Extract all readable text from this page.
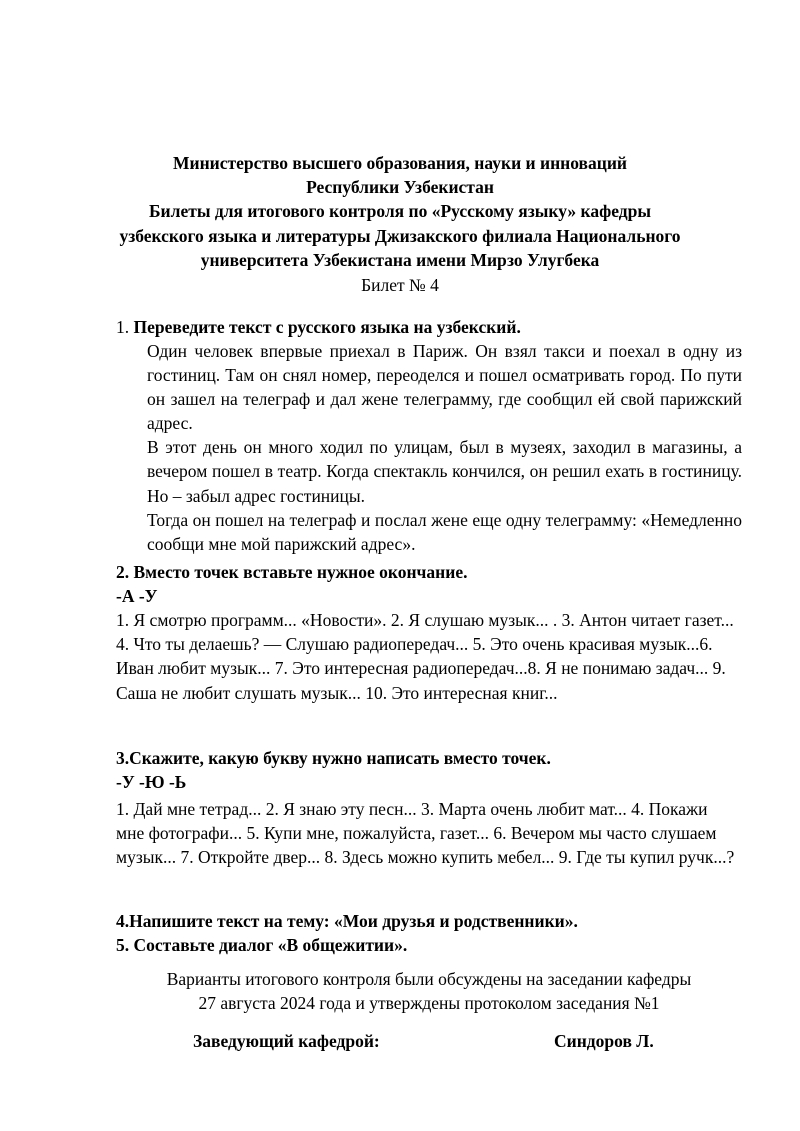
Министерство высшего образования, науки и инноваций
Республики Узбекистан
Билеты для итогового контроля по «Русскому языку» кафедры
узбекского языка и литературы Джизакского филиала Национального
университета Узбекистана имени Мирзо Улугбека
Билет № 4
1. Переведите текст с русского языка на узбекский.

Один человек впервые приехал в Париж. Он взял такси и поехал в одну из гостиниц. Там он снял номер, переоделся и пошел осматривать город. По пути он зашел на телеграф и дал жене телеграмму, где сообщил ей свой парижский адрес.

В этот день он много ходил по улицам, был в музеях, заходил в магазины, а вечером пошел в театр. Когда спектакль кончился, он решил ехать в гостиницу. Но – забыл адрес гостиницы.

Тогда он пошел на телеграф и послал жене еще одну телеграмму: «Немедленно сообщи мне мой парижский адрес».

2. Вместо точек вставьте нужное окончание.
-А -У
1. Я смотрю программ... «Новости». 2. Я слушаю музык... . 3. Антон читает газет... 4. Что ты делаешь? — Слушаю радиопередач... 5. Это очень красивая музык...6. Иван любит музык... 7. Это интересная радиопередач...8. Я не понимаю задач... 9. Саша не любит слушать музык... 10. Это интересная книг...
3.Скажите, какую букву нужно написать вместо точек.
-У -Ю -Ь
1. Дай мне тетрад... 2. Я знаю эту песн... 3. Марта очень любит мат... 4. Покажи мне фотографи... 5. Купи мне, пожалуйста, газет... 6. Вечером мы часто слушаем музык... 7. Откройте двер... 8. Здесь можно купить мебел... 9. Где ты купил ручк...?
4.Напишите текст на тему: «Мои друзья и родственники».
5. Составьте диалог «В общежитии».
Варианты итогового контроля были обсуждены на заседании кафедры
27 августа 2024 года и утверждены протоколом заседания №1
Заведующий кафедрой:	Синдоров Л.
